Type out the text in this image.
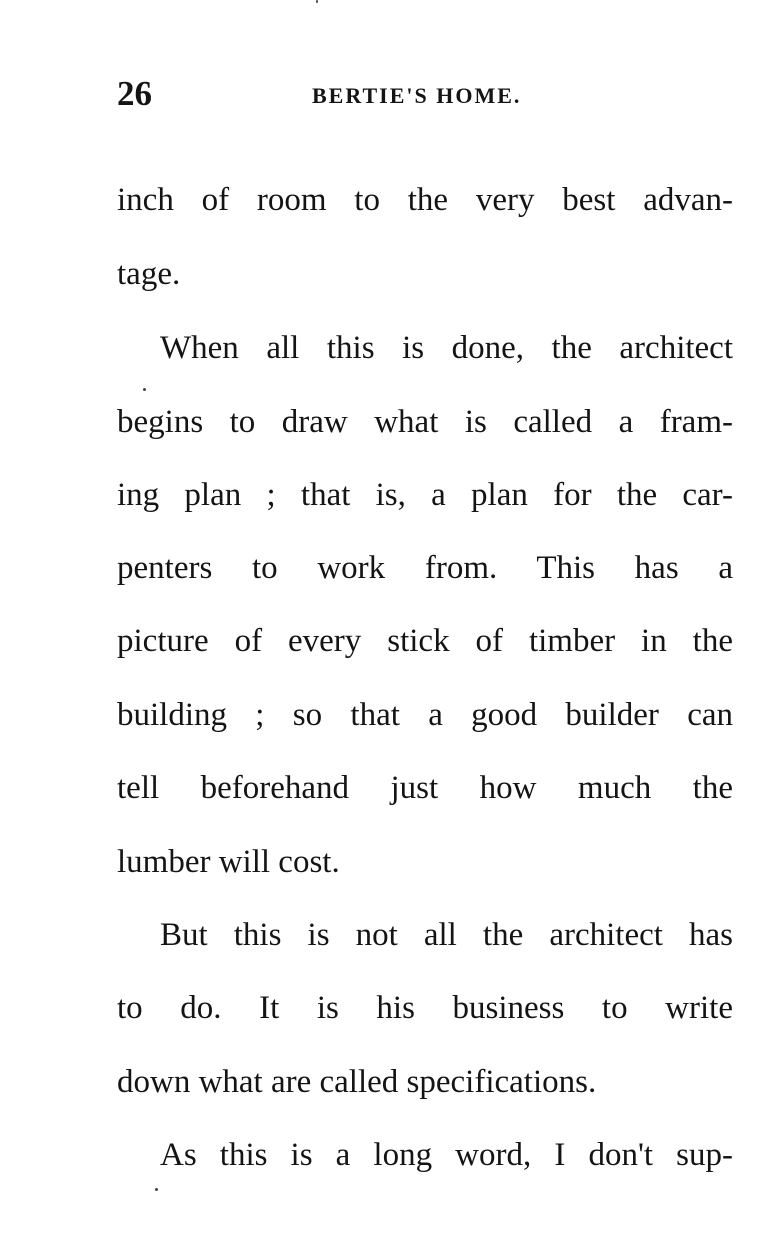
26	BERTIE'S HOME.
inch of room to the very best advan-
tage.
When all this is done, the architect
begins to draw what is called a fram-
ing plan ; that is, a plan for the car-
penters to work from. This has a
picture of every stick of timber in the
building ; so that a good builder can
tell beforehand just how much the
lumber will cost.
But this is not all the architect has
to do. It is his business to write
down what are called specifications.
As this is a long word, I don't sup-
